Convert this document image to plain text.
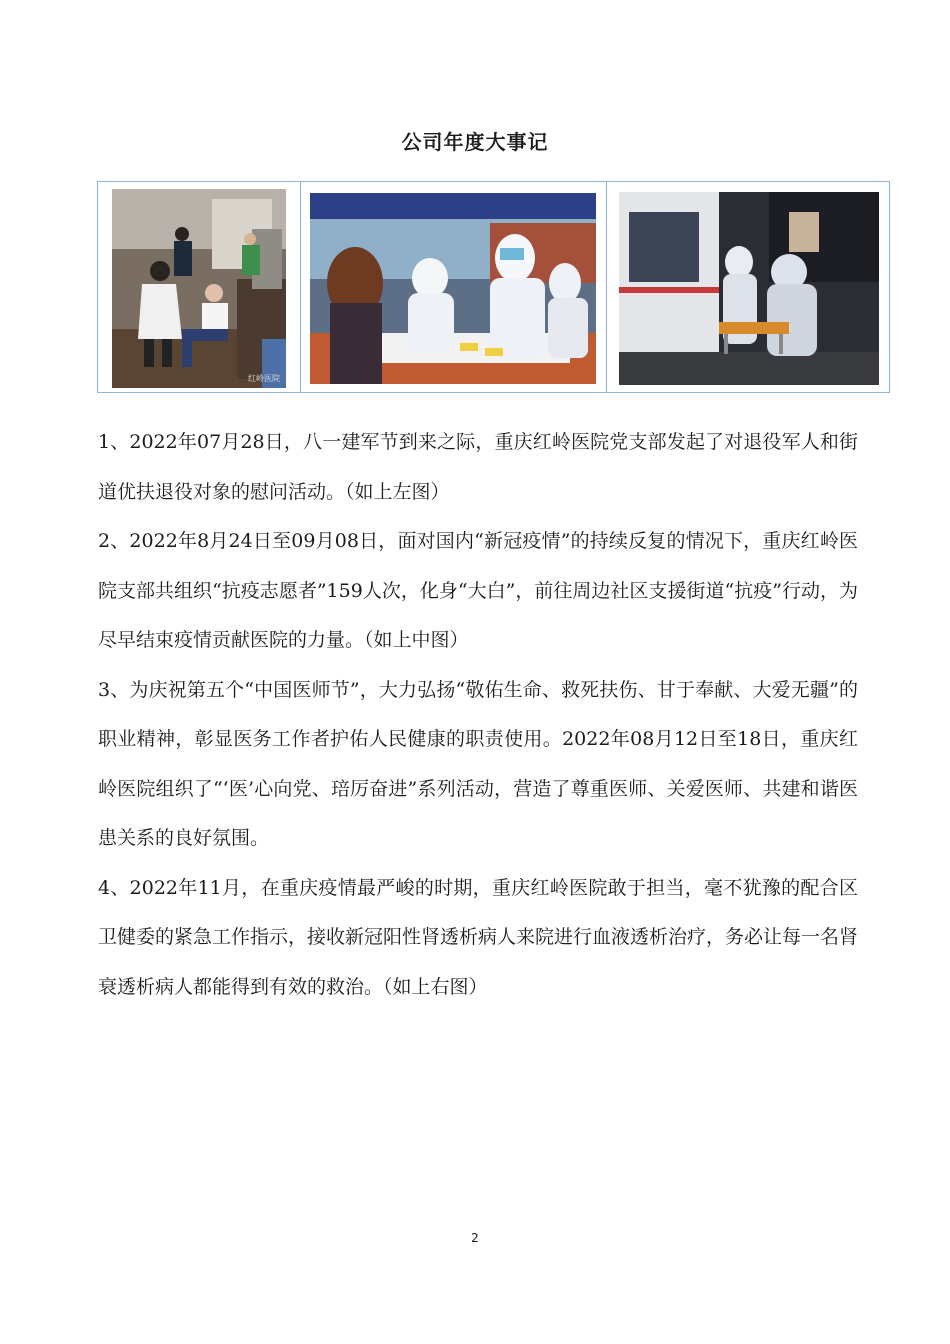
公司年度大事记
红岭医院

1、2022年07月28日，八一建军节到来之际，重庆红岭医院党支部发起了对退役军人和街道优扶退役对象的慰问活动。（如上左图）

2、2022年8月24日至09月08日，面对国内“新冠疫情”的持续反复的情况下，重庆红岭医院支部共组织“抗疫志愿者”159人次，化身“大白”，前往周边社区支援街道“抗疫”行动，为尽早结束疫情贡献医院的力量。（如上中图）

3、为庆祝第五个“中国医师节”，大力弘扬“敬佑生命、救死扶伤、甘于奉献、大爱无疆”的职业精神，彰显医务工作者护佑人民健康的职责使用。2022年08月12日至18日，重庆红岭医院组织了“‘医’心向党、琣厉奋进”系列活动，营造了尊重医师、关爱医师、共建和谐医患关系的良好氛围。

4、2022年11月，在重庆疫情最严峻的时期，重庆红岭医院敢于担当，毫不犹豫的配合区卫健委的紧急工作指示，接收新冠阳性肾透析病人来院进行血液透析治疗，务必让每一名肾衰透析病人都能得到有效的救治。（如上右图）

2
